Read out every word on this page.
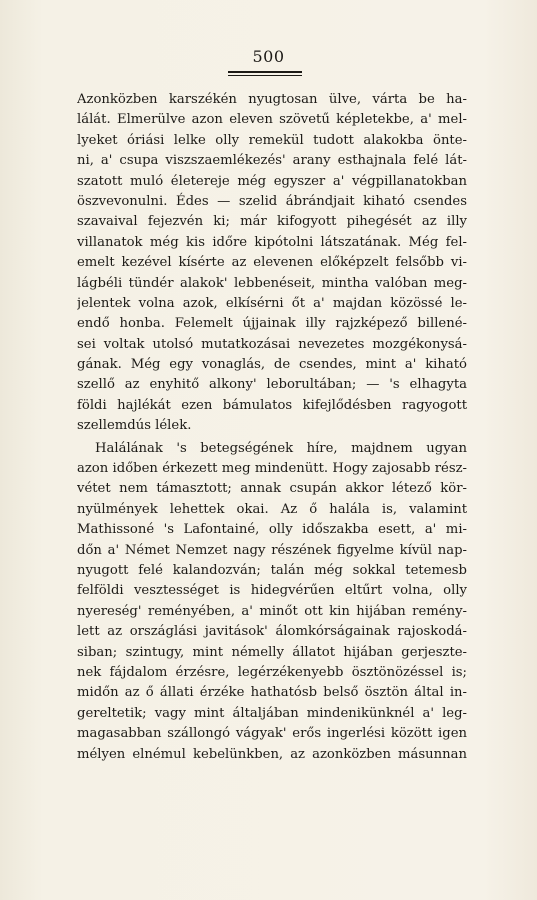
500
Azonközben karszékén nyugtosan ülve, várta be ha-
lálát. Elmerülve azon eleven szövetű képletekbe, a' mel-
lyeket óriási lelke olly remekül tudott alakokba önte-
ni, a' csupa viszszaemlékezés' arany esthajnala felé lát-
szatott muló életereje még egyszer a' végpillanatokban
öszvevonulni. Édes — szelid ábrándjait kiható csendes
szavaival fejezvén ki; már kifogyott pihegését az illy
villanatok még kis időre kipótolni látszatának. Még fel-
emelt kezével kísérte az elevenen előképzelt felsőbb vi-
lágbéli tündér alakok' lebbenéseit, mintha valóban meg-
jelentek volna azok, elkísérni őt a' majdan közössé le-
endő honba. Felemelt újjainak illy rajzképező billené-
sei voltak utolsó mutatkozásai nevezetes mozgékonysá-
gának. Még egy vonaglás, de csendes, mint a' kiható
szellő az enyhitő alkony' leborultában; — 's elhagyta
földi hajlékát ezen bámulatos kifejlődésben ragyogott
szellemdús lélek.
Halálának 's betegségének híre, majdnem ugyan
azon időben érkezett meg mindenütt. Hogy zajosabb rész-
vétet nem támasztott; annak csupán akkor létező kör-
nyülmények lehettek okai. Az ő halála is, valamint
Mathissoné 's Lafontainé, olly időszakba esett, a' mi-
dőn a' Német Nemzet nagy részének figyelme kívül nap-
nyugott felé kalandozván; talán még sokkal tetemesb
felföldi vesztességet is hidegvérűen eltűrt volna, olly
nyereség' reményében, a' minőt ott kin hijában remény-
lett az országlási javitások' álomkórságainak rajoskodá-
siban; szintugy, mint némelly állatot hijában gerjeszte-
nek fájdalom érzésre, legérzékenyebb ösztönözéssel is;
midőn az ő állati érzéke hathatósb belső ösztön által in-
gereltetik; vagy mint általjában mindenikünknél a' leg-
magasabban szállongó vágyak' erős ingerlési között igen
mélyen elnémul kebelünkben, az azonközben másunnan
